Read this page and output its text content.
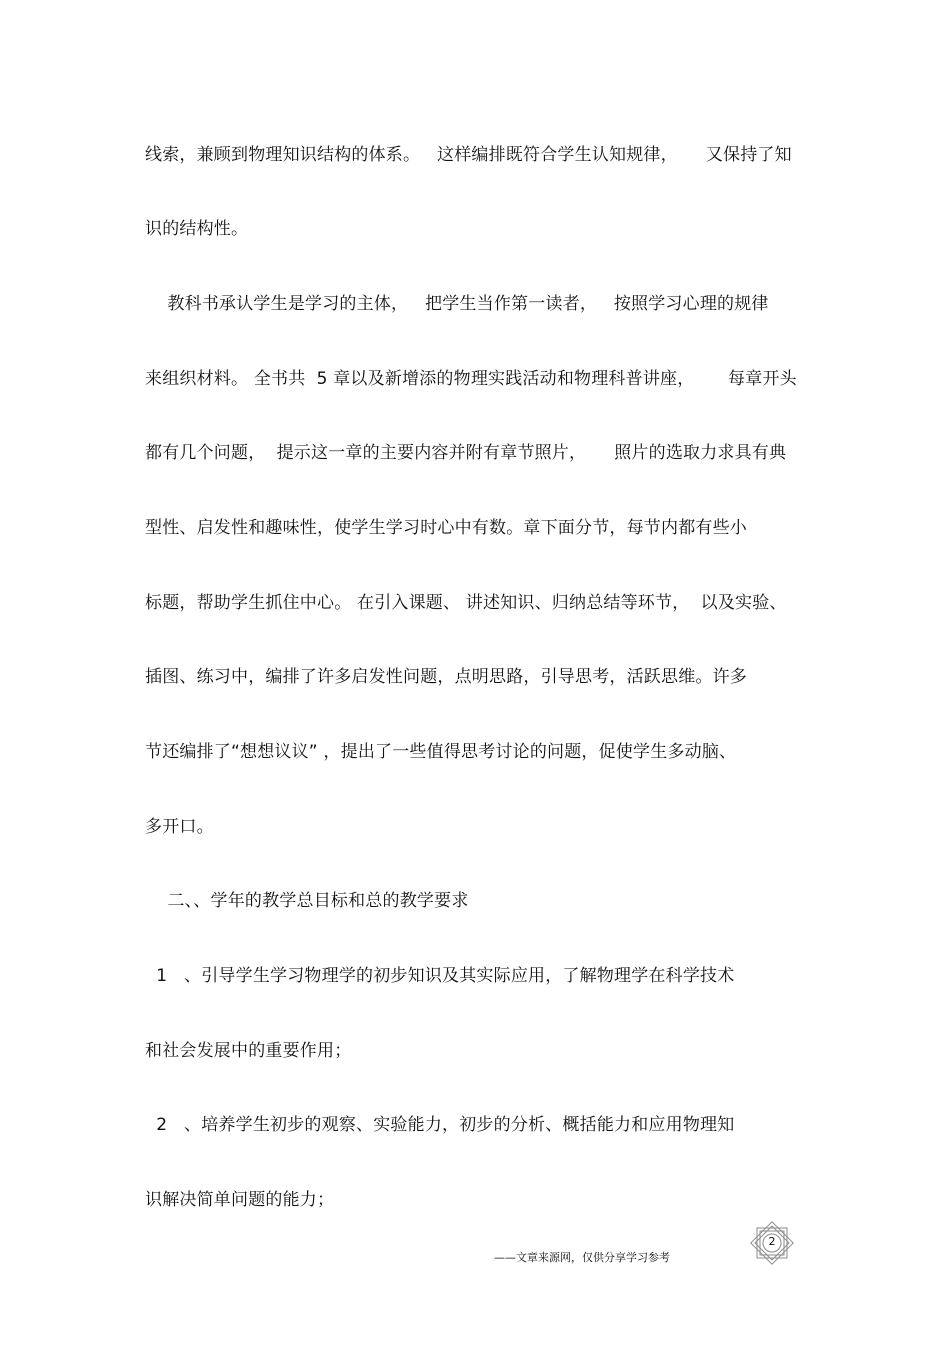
线索，兼顾到物理知识结构的体系。   这样编排既符合学生认知规律，     又保持了知
识的结构性。
教科书承认学生是学习的主体，   把学生当作第一读者，   按照学习心理的规律
来组织材料。 全书共  5 章以及新增添的物理实践活动和物理科普讲座，      每章开头
都有几个问题，  提示这一章的主要内容并附有章节照片，     照片的选取力求具有典
型性、启发性和趣味性，使学生学习时心中有数。章下面分节，每节内都有些小
标题，帮助学生抓住中心。 在引入课题、 讲述知识、归纳总结等环节，  以及实验、
插图、练习中，编排了许多启发性问题，点明思路，引导思考，活跃思维。许多
节还编排了“想想议议” ，提出了一些值得思考讨论的问题，促使学生多动脑、
多开口。
二、、学年的教学总目标和总的教学要求
1   、引导学生学习物理学的初步知识及其实际应用，了解物理学在科学技术
和社会发展中的重要作用；
2   、培养学生初步的观察、实验能力，初步的分析、概括能力和应用物理知
识解决简单问题的能力；
——文章来源网，仅供分享学习参考
2
